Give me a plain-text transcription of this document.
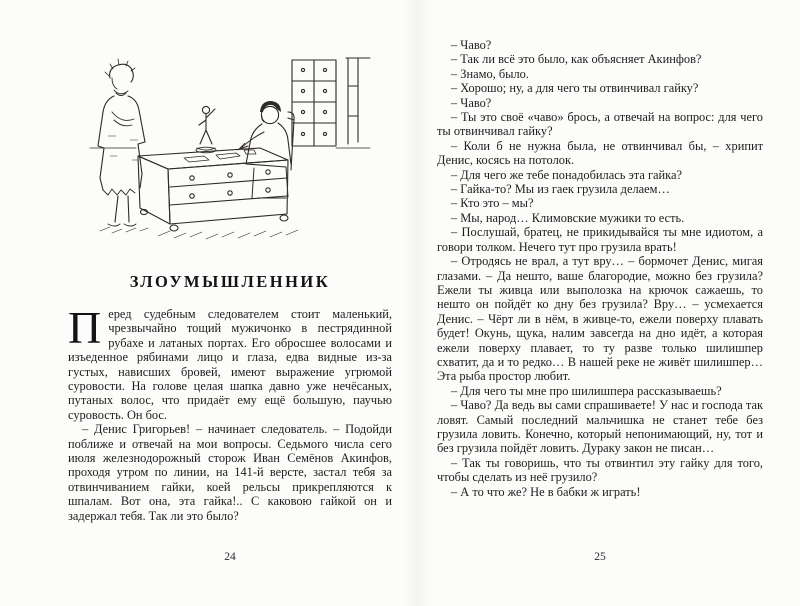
ЗЛОУМЫШЛЕННИК

Перед судебным следователем стоит маленький, чрезвычайно тощий мужичонко в пестрядинной рубахе и латаных портах. Его обросшее волосами и изъеденное рябинами лицо и глаза, едва видные из-за густых, нависших бровей, имеют выражение угрюмой суровости. На голове целая шапка давно уже нечёсаных, путаных волос, что придаёт ему ещё большую, паучью суровость. Он бос.

– Денис Григорьев! – начинает следователь. – Подойди поближе и отвечай на мои вопросы. Седьмого числа сего июля железнодорожный сторож Иван Семёнов Акинфов, проходя утром по линии, на 141-й версте, застал тебя за отвинчиванием гайки, коей рельсы прикрепляются к шпалам. Вот она, эта гайка!.. С каковою гайкой он и задержал тебя. Так ли это было?

24

– Чаво?

– Так ли всё это было, как объясняет Акинфов?

– Знамо, было.

– Хорошо; ну, а для чего ты отвинчивал гайку?

– Чаво?

– Ты это своё «чаво» брось, а отвечай на вопрос: для чего ты отвинчивал гайку?

– Коли б не нужна была, не отвинчивал бы, – хрипит Денис, косясь на потолок.

– Для чего же тебе понадобилась эта гайка?

– Гайка-то? Мы из гаек грузила делаем…

– Кто это – мы?

– Мы, народ… Климовские мужики то есть.

– Послушай, братец, не прикидывайся ты мне идиотом, а говори толком. Нечего тут про грузила врать!

– Отродясь не врал, а тут вру… – бормочет Денис, мигая глазами. – Да нешто, ваше благородие, можно без грузила? Ежели ты живца или выполозка на крючок сажаешь, то нешто он пойдёт ко дну без грузила? Вру… – усмехается Денис. – Чёрт ли в нём, в живце-то, ежели поверху плавать будет! Окунь, щука, налим завсегда на дно идёт, а которая ежели поверху плавает, то ту разве только шилишпер схватит, да и то редко… В нашей реке не живёт шилишпер… Эта рыба простор любит.

– Для чего ты мне про шилишпера рассказываешь?

– Чаво? Да ведь вы сами спрашиваете! У нас и господа так ловят. Самый последний мальчишка не станет тебе без грузила ловить. Конечно, который непонимающий, ну, тот и без грузила пойдёт ловить. Дураку закон не писан…

– Так ты говоришь, что ты отвинтил эту гайку для того, чтобы сделать из неё грузило?

– А то что же? Не в бабки ж играть!

25
